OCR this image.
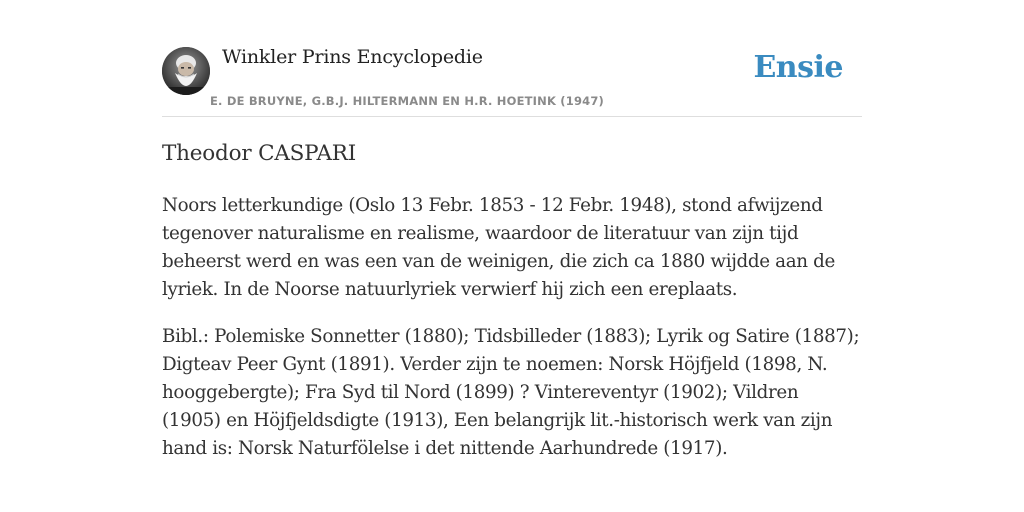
Winkler Prins Encyclopedie
E. DE BRUYNE, G.B.J. HILTERMANN EN H.R. HOETINK (1947)
Ensie
Theodor CASPARI

Noors letterkundige (Oslo 13 Febr. 1853 - 12 Febr. 1948), stond afwijzend tegenover naturalisme en realisme, waardoor de literatuur van zijn tijd beheerst werd en was een van de weinigen, die zich ca 1880 wijdde aan de lyriek. In de Noorse natuurlyriek verwierf hij zich een ereplaats.

Bibl.: Polemiske Sonnetter (1880); Tidsbilleder (1883); Lyrik og Satire (1887); Digteav Peer Gynt (1891). Verder zijn te noemen: Norsk Höjfjeld (1898, N. hooggebergte); Fra Syd til Nord (1899) ? Vintereventyr (1902); Vildren (1905) en Höjfjeldsdigte (1913), Een belangrijk lit.-historisch werk van zijn hand is: Norsk Naturfölelse i det nittende Aarhundrede (1917).
